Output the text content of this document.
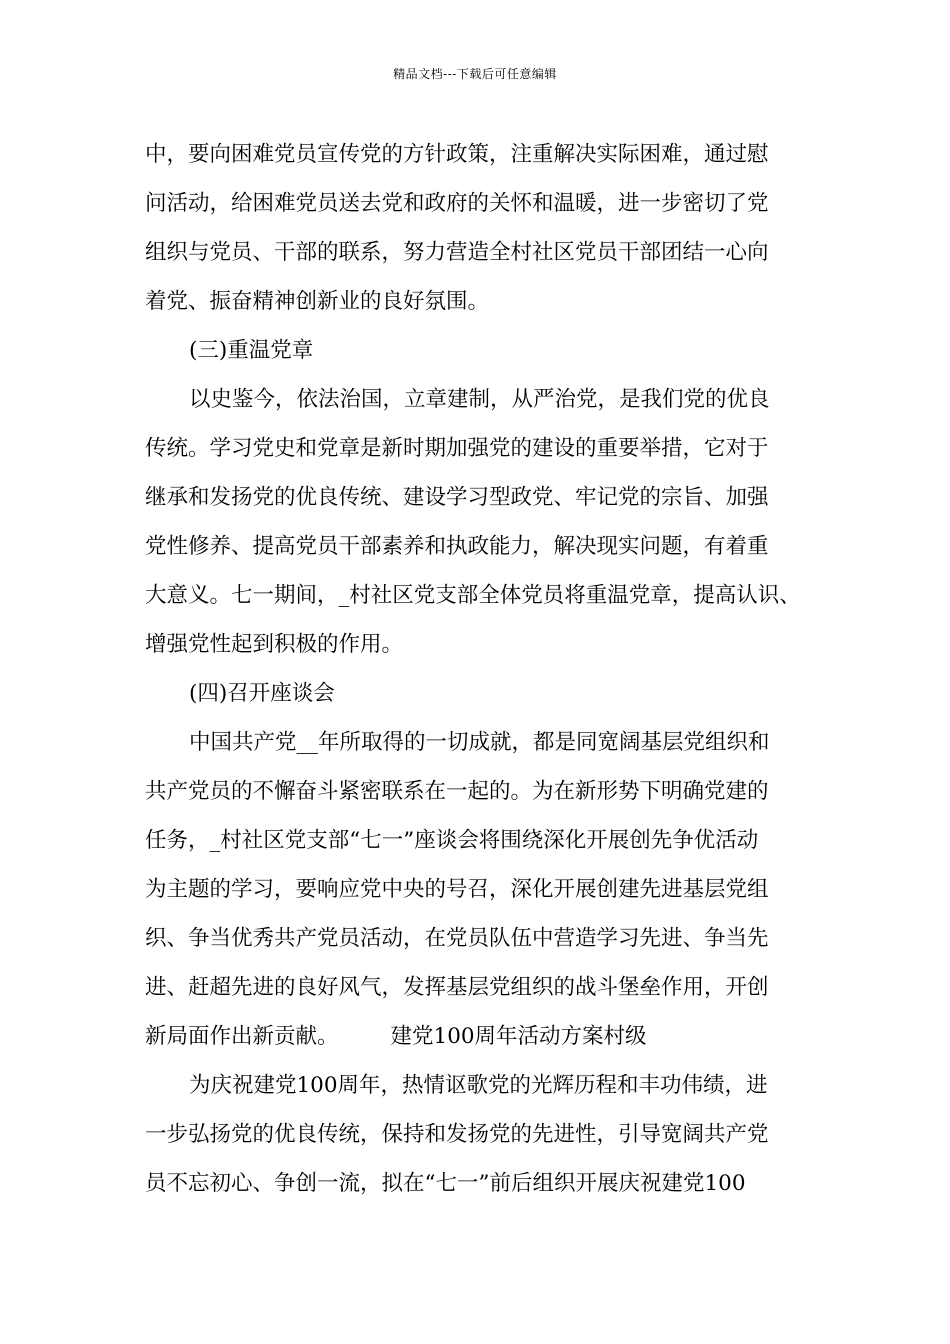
精品文档---下载后可任意编辑
中，要向困难党员宣传党的方针政策，注重解决实际困难，通过慰
问活动，给困难党员送去党和政府的关怀和温暖，进一步密切了党
组织与党员、干部的联系，努力营造全村社区党员干部团结一心向
着党、振奋精神创新业的良好氛围。
(三)重温党章
以史鉴今，依法治国，立章建制，从严治党，是我们党的优良
传统。学习党史和党章是新时期加强党的建设的重要举措，它对于
继承和发扬党的优良传统、建设学习型政党、牢记党的宗旨、加强
党性修养、提高党员干部素养和执政能力，解决现实问题，有着重
大意义。七一期间，_村社区党支部全体党员将重温党章，提高认识、
增强党性起到积极的作用。
(四)召开座谈会
中国共产党__年所取得的一切成就，都是同宽阔基层党组织和
共产党员的不懈奋斗紧密联系在一起的。为在新形势下明确党建的
任务，_村社区党支部“七一”座谈会将围绕深化开展创先争优活动
为主题的学习，要响应党中央的号召，深化开展创建先进基层党组
织、争当优秀共产党员活动，在党员队伍中营造学习先进、争当先
进、赶超先进的良好风气，发挥基层党组织的战斗堡垒作用，开创
新局面作出新贡献。 建党100周年活动方案村级
为庆祝建党100周年，热情讴歌党的光辉历程和丰功伟绩，进
一步弘扬党的优良传统，保持和发扬党的先进性，引导宽阔共产党
员不忘初心、争创一流，拟在“七一”前后组织开展庆祝建党100
